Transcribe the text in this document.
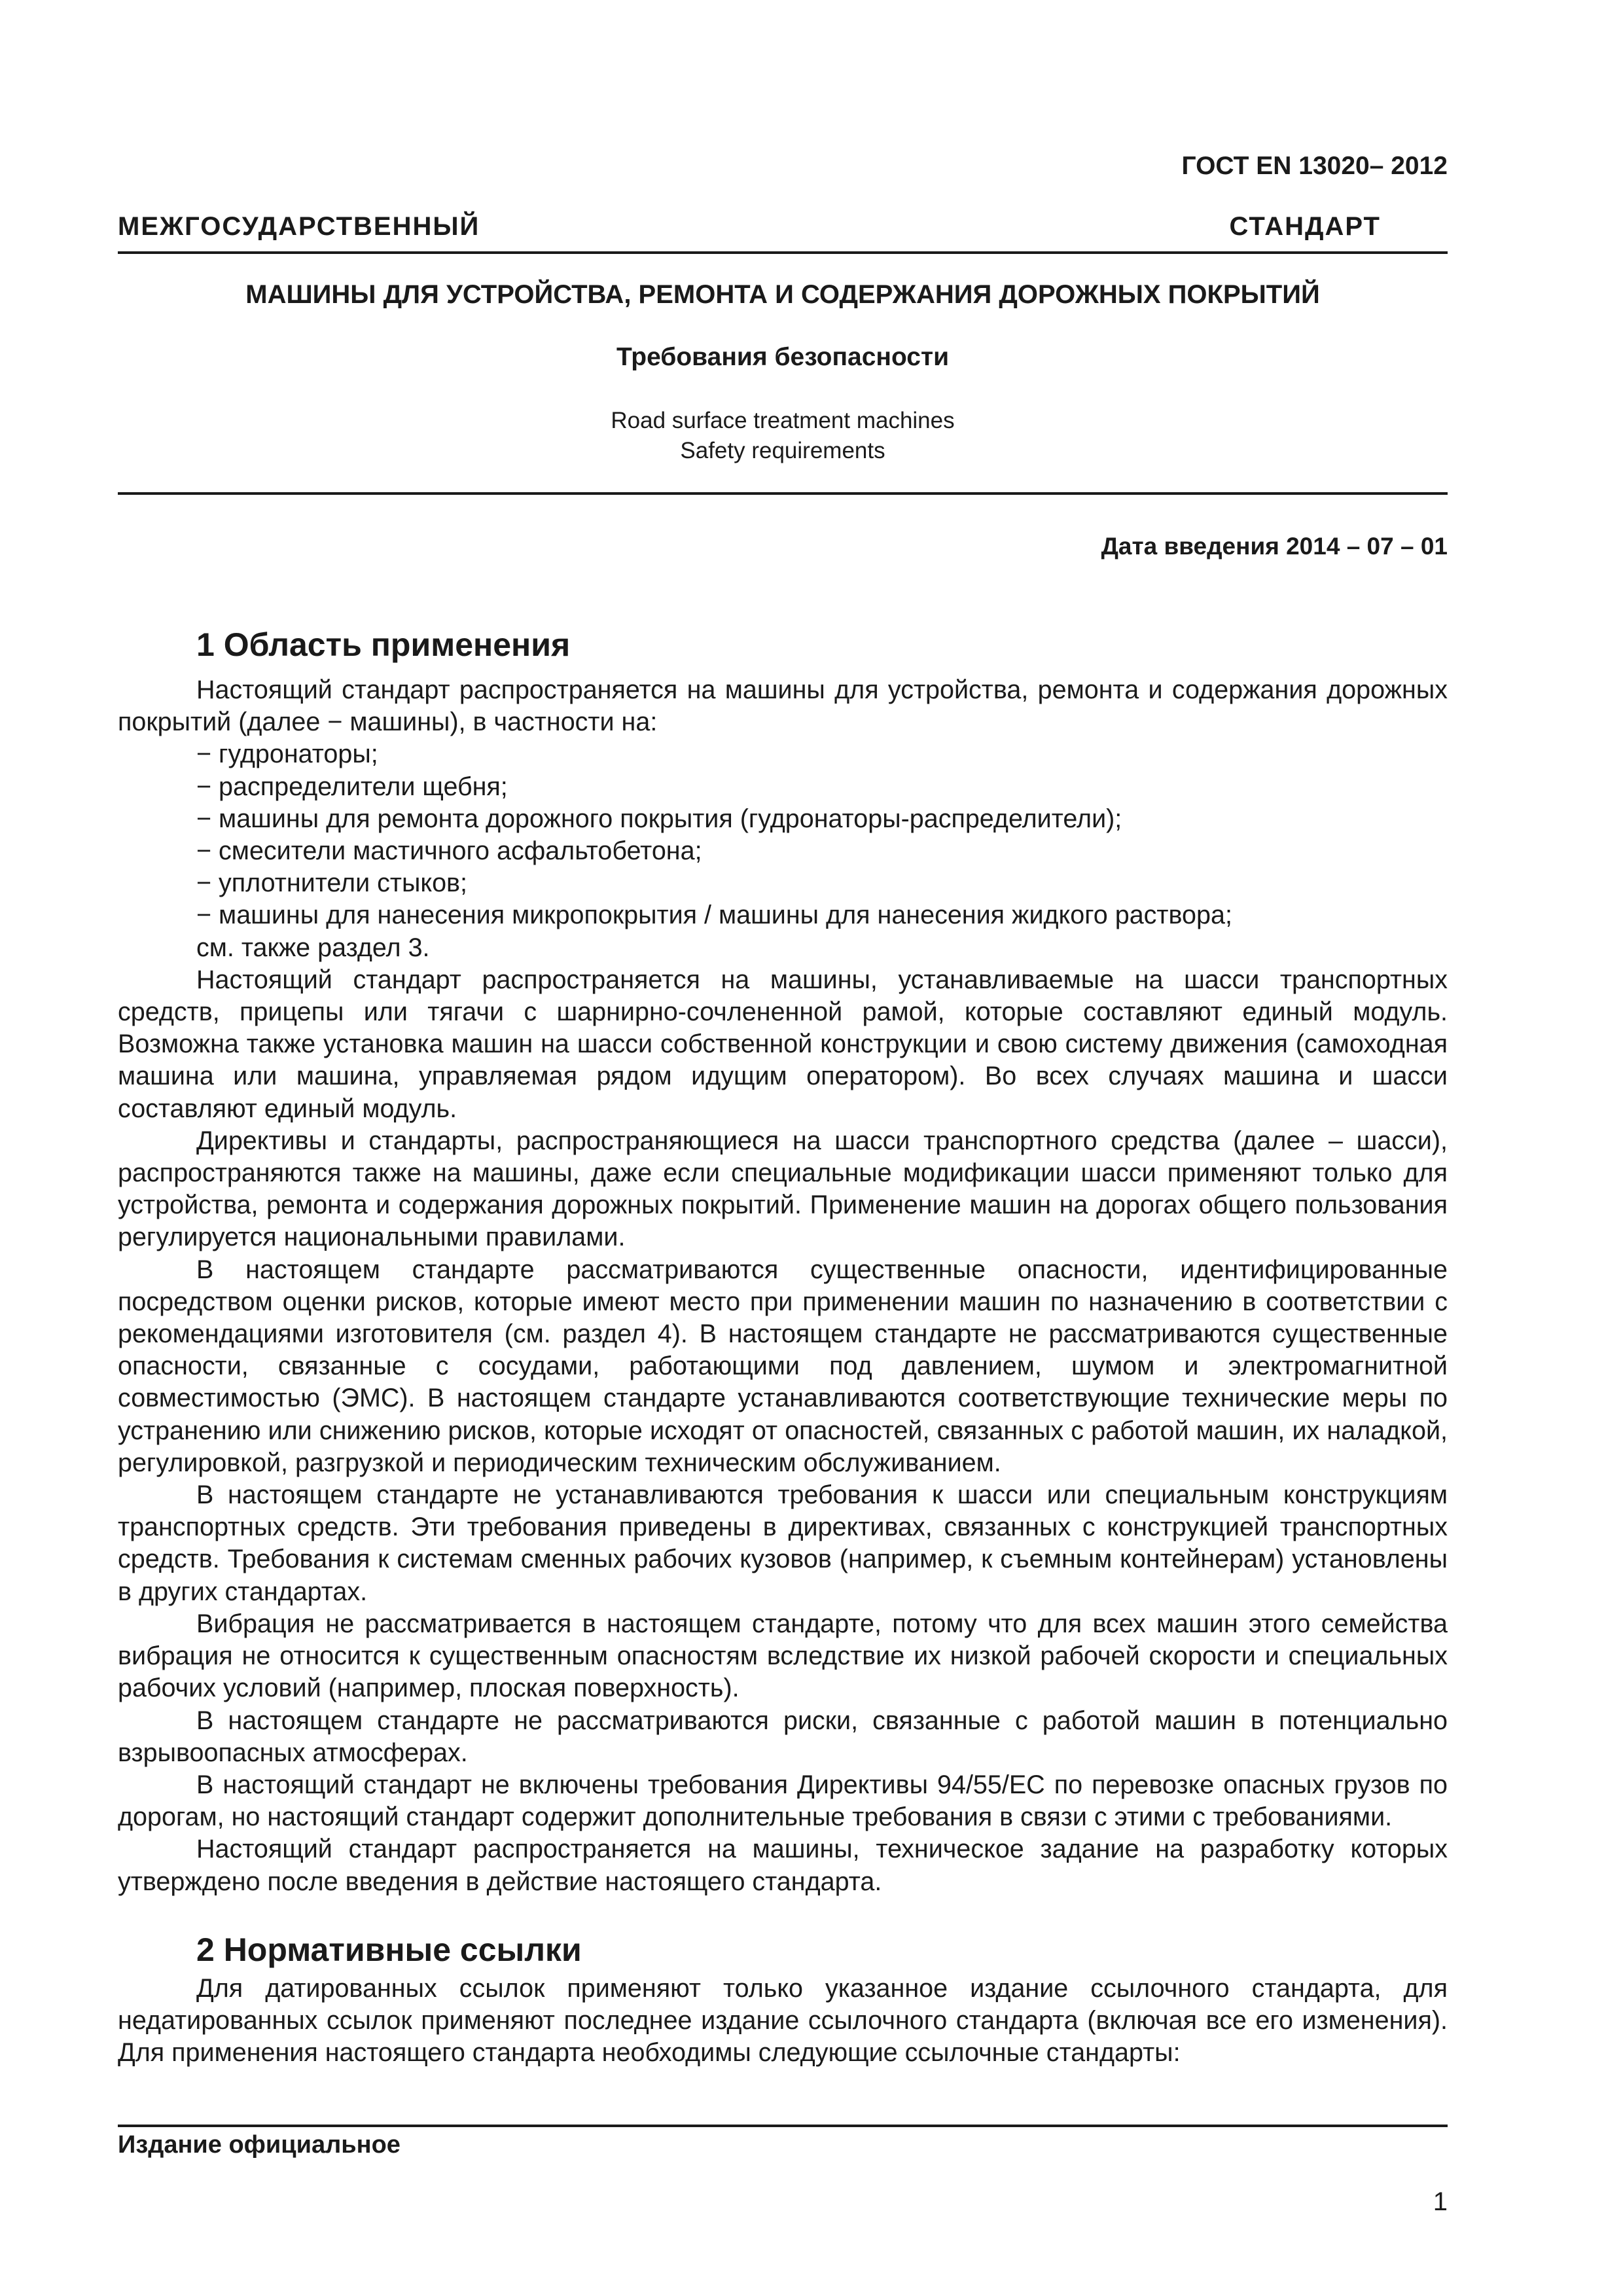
ГОСТ EN 13020– 2012
МЕЖГОСУДАРСТВЕННЫЙ СТАНДАРТ
МАШИНЫ ДЛЯ УСТРОЙСТВА, РЕМОНТА И СОДЕРЖАНИЯ ДОРОЖНЫХ ПОКРЫТИЙ
Требования безопасности
Road surface treatment machines
Safety requirements
Дата введения 2014 – 07 – 01
1 Область применения

Настоящий стандарт распространяется на машины для устройства, ремонта и содержания дорожных покрытий (далее − машины), в частности на:

− гудронаторы;
− распределители щебня;
− машины для ремонта дорожного покрытия (гудронаторы-распределители);
− смесители мастичного асфальтобетона;
− уплотнители стыков;
− машины для нанесения микропокрытия / машины для нанесения жидкого раствора;
см. также раздел 3.

Настоящий стандарт распространяется на машины, устанавливаемые на шасси транспортных средств, прицепы или тягачи с шарнирно-сочлененной рамой, которые составляют единый модуль. Возможна также установка машин на шасси собственной конструкции и свою систему движения (самоходная машина или машина, управляемая рядом идущим оператором). Во всех случаях машина и шасси составляют единый модуль.

Директивы и стандарты, распространяющиеся на шасси транспортного средства (далее – шасси), распространяются также на машины, даже если специальные модификации шасси применяют только для устройства, ремонта и содержания дорожных покрытий. Применение машин на дорогах общего пользования регулируется национальными правилами.

В настоящем стандарте рассматриваются существенные опасности, идентифицированные посредством оценки рисков, которые имеют место при применении машин по назначению в соответствии с рекомендациями изготовителя (см. раздел 4). В настоящем стандарте не рассматриваются существенные опасности, связанные с сосудами, работающими под давлением, шумом и электромагнитной совместимостью (ЭМС). В настоящем стандарте устанавливаются соответствующие технические меры по устранению или снижению рисков, которые исходят от опасностей, связанных с работой машин, их наладкой, регулировкой, разгрузкой и периодическим техническим обслуживанием.

В настоящем стандарте не устанавливаются требования к шасси или специальным конструкциям транспортных средств. Эти требования приведены в директивах, связанных с конструкцией транспортных средств. Требования к системам сменных рабочих кузовов (например, к съемным контейнерам) установлены в других стандартах.

Вибрация не рассматривается в настоящем стандарте, потому что для всех машин этого семейства вибрация не относится к существенным опасностям вследствие их низкой рабочей скорости и специальных рабочих условий (например, плоская поверхность).

В настоящем стандарте не рассматриваются риски, связанные с работой машин в потенциально взрывоопасных атмосферах.

В настоящий стандарт не включены требования Директивы 94/55/ЕС по перевозке опасных грузов по дорогам, но настоящий стандарт содержит дополнительные требования в связи с этими с требованиями.

Настоящий стандарт распространяется на машины, техническое задание на разработку которых утверждено после введения в действие настоящего стандарта.

2 Нормативные ссылки

Для датированных ссылок применяют только указанное издание ссылочного стандарта, для недатированных ссылок применяют последнее издание ссылочного стандарта (включая все его изменения). Для применения настоящего стандарта необходимы следующие ссылочные стандарты:

Издание официальное
1
